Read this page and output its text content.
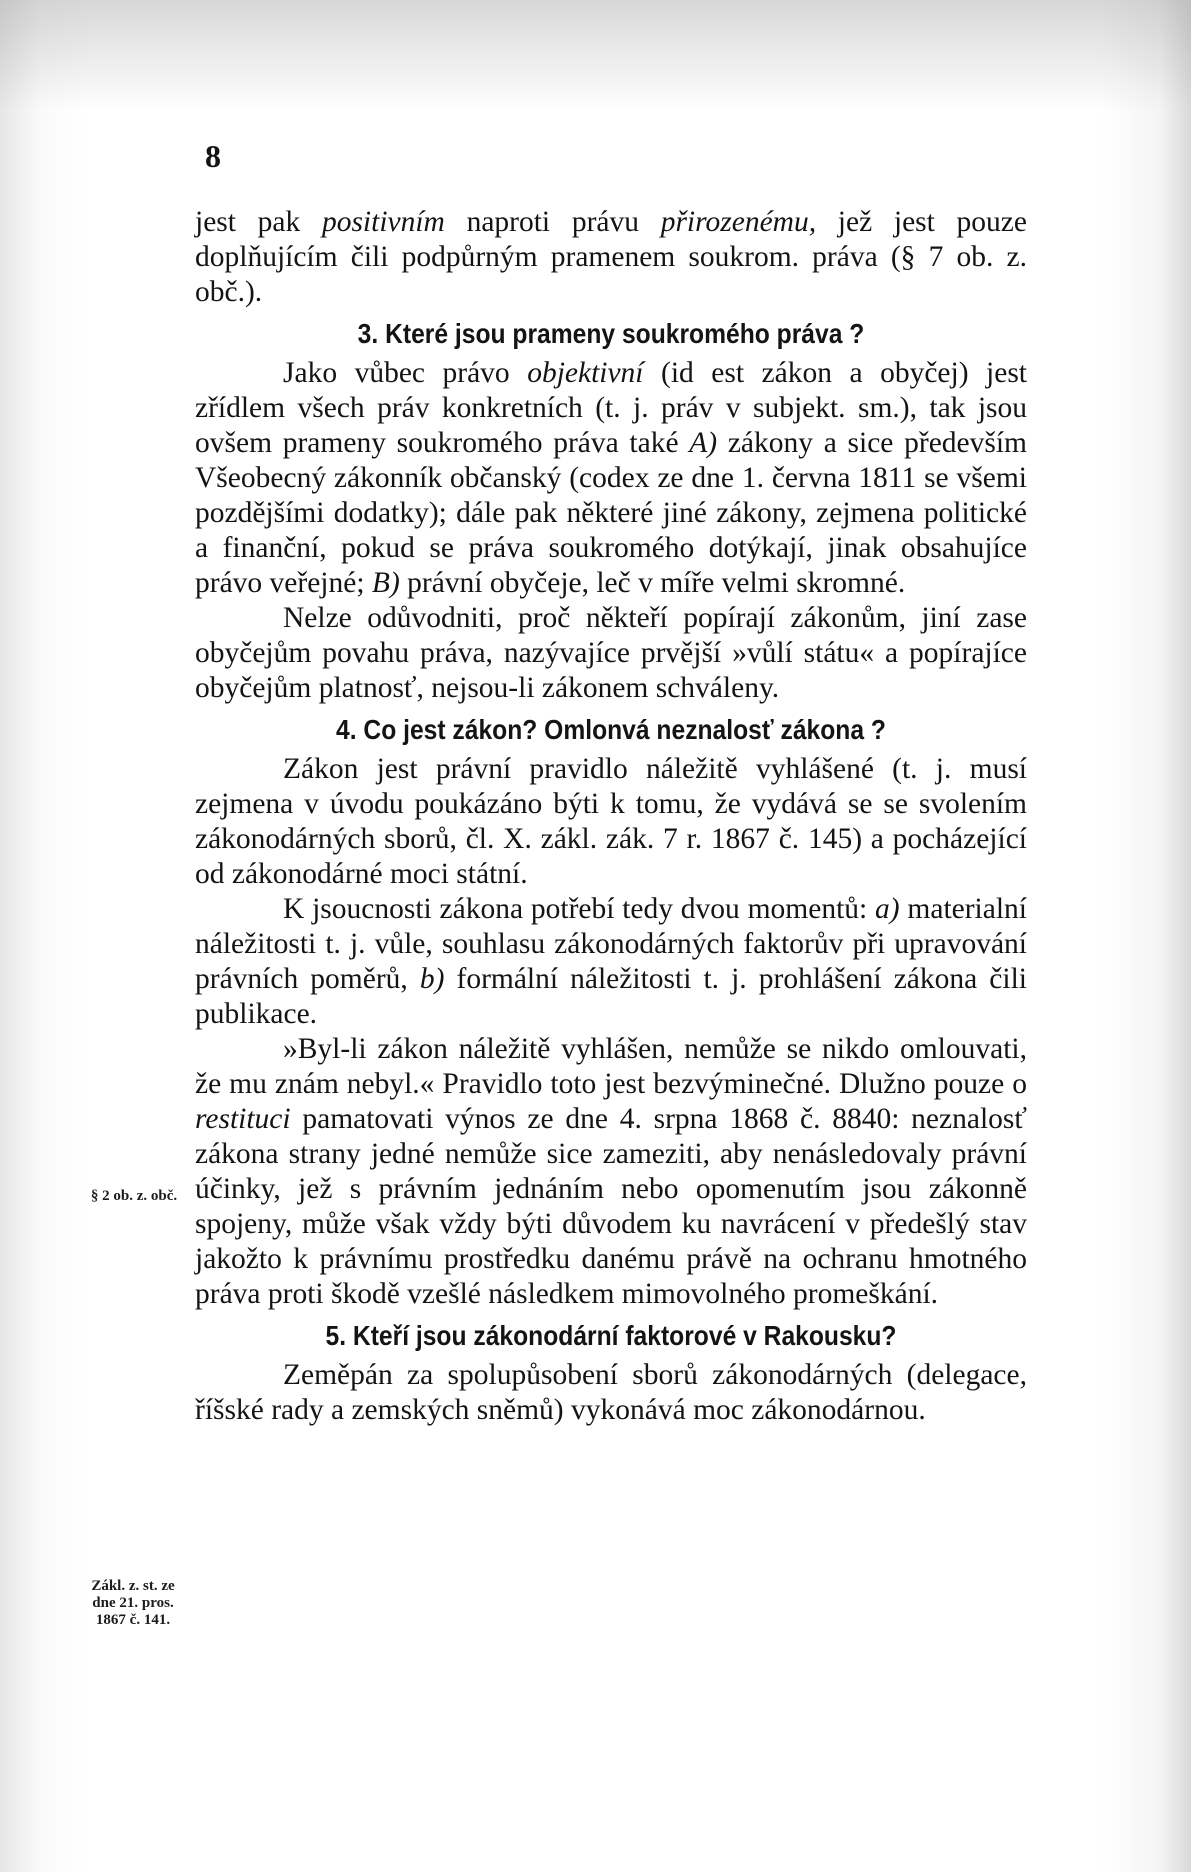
8
§ 2 ob. z. obč.
Zákl. z. st. ze dne 21. pros. 1867 č. 141.

jest pak positivním naproti právu přirozenému, jež jest pouze doplňujícím čili podpůrným pramenem soukrom. práva (§ 7 ob. z. obč.).

3. Které jsou prameny soukromého práva ?

Jako vůbec právo objektivní (id est zákon a obyčej) jest zřídlem všech práv konkretních (t. j. práv v subjekt. sm.), tak jsou ovšem prameny soukromého práva také A) zákony a sice především Všeobecný zákonník občanský (codex ze dne 1. června 1811 se všemi pozdějšími dodatky); dále pak některé jiné zákony, zejmena politické a finanční, pokud se práva soukromého dotýkají, jinak obsahujíce právo veřejné; B) právní obyčeje, leč v míře velmi skromné.

Nelze odůvodniti, proč někteří popírají zákonům, jiní zase obyčejům povahu práva, nazývajíce prvější »vůlí státu« a popírajíce obyčejům platnosť, nejsou-li zákonem schváleny.

4. Co jest zákon? Omlonvá neznalosť zákona ?

Zákon jest právní pravidlo náležitě vyhlášené (t. j. musí zejmena v úvodu poukázáno býti k tomu, že vydává se se svolením zákonodárných sborů, čl. X. zákl. zák. 7 r. 1867 č. 145) a pocházející od zákonodárné moci státní.

K jsoucnosti zákona potřebí tedy dvou momentů: a) materialní náležitosti t. j. vůle, souhlasu zákonodárných faktorův při upravování právních poměrů, b) formální náležitosti t. j. prohlášení zákona čili publikace.

»Byl-li zákon náležitě vyhlášen, nemůže se nikdo omlouvati, že mu znám nebyl.« Pravidlo toto jest bezvýminečné. Dlužno pouze o restituci pamatovati výnos ze dne 4. srpna 1868 č. 8840: neznalosť zákona strany jedné nemůže sice zameziti, aby nenásledovaly právní účinky, jež s právním jednáním nebo opomenutím jsou zákonně spojeny, může však vždy býti důvodem ku navrácení v předešlý stav jakožto k právnímu prostředku danému právě na ochranu hmotného práva proti škodě vzešlé následkem mimovolného promeškání.

5. Kteří jsou zákonodární faktorové v Rakousku?

Zeměpán za spolupůsobení sborů zákonodárných (delegace, říšské rady a zemských sněmů) vykonává moc zákonodárnou.
